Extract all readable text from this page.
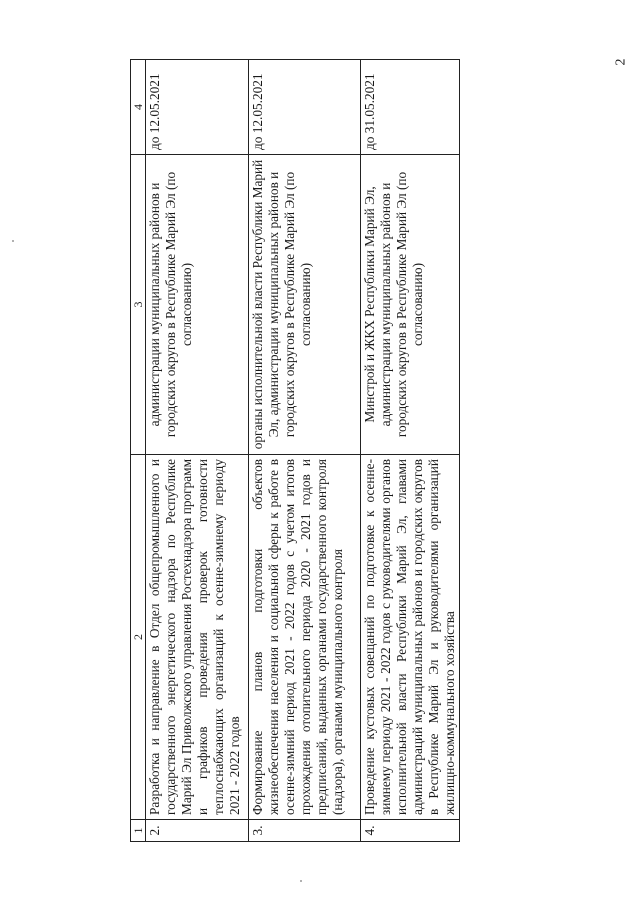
2
1	2	3	4
2.	Разработка и направление в Отдел общепромышленного и государственного энергетического надзора по Республике Марий Эл Приволжского управления Ростехнадзора программ и графиков проведения проверок готовности теплоснабжающих организаций к осенне-зимнему периоду 2021 - 2022 годов	администрации муниципальных районов и городских округов в Республике Марий Эл (по согласованию)	до 12.05.2021
3.	Формирование планов подготовки объектов жизнеобеспечения населения и социальной сферы к работе в осенне-зимний период 2021 - 2022 годов с учетом итогов прохождения отопительного периода 2020 - 2021 годов и предписаний, выданных органами государственного контроля (надзора), органами муниципального контроля	органы исполнительной власти Республики Марий Эл, администрации муниципальных районов и городских округов в Республике Марий Эл (по согласованию)	до 12.05.2021
4.	Проведение кустовых совещаний по подготовке к осенне-зимнему периоду 2021 - 2022 годов с руководителями органов исполнительной власти Республики Марий Эл, главами администраций муниципальных районов и городских округов в Республике Марий Эл и руководителями организаций жилищно-коммунального хозяйства	Минстрой и ЖКХ Республики Марий Эл, администрации муниципальных районов и городских округов в Республике Марий Эл (по согласованию)	до 31.05.2021
